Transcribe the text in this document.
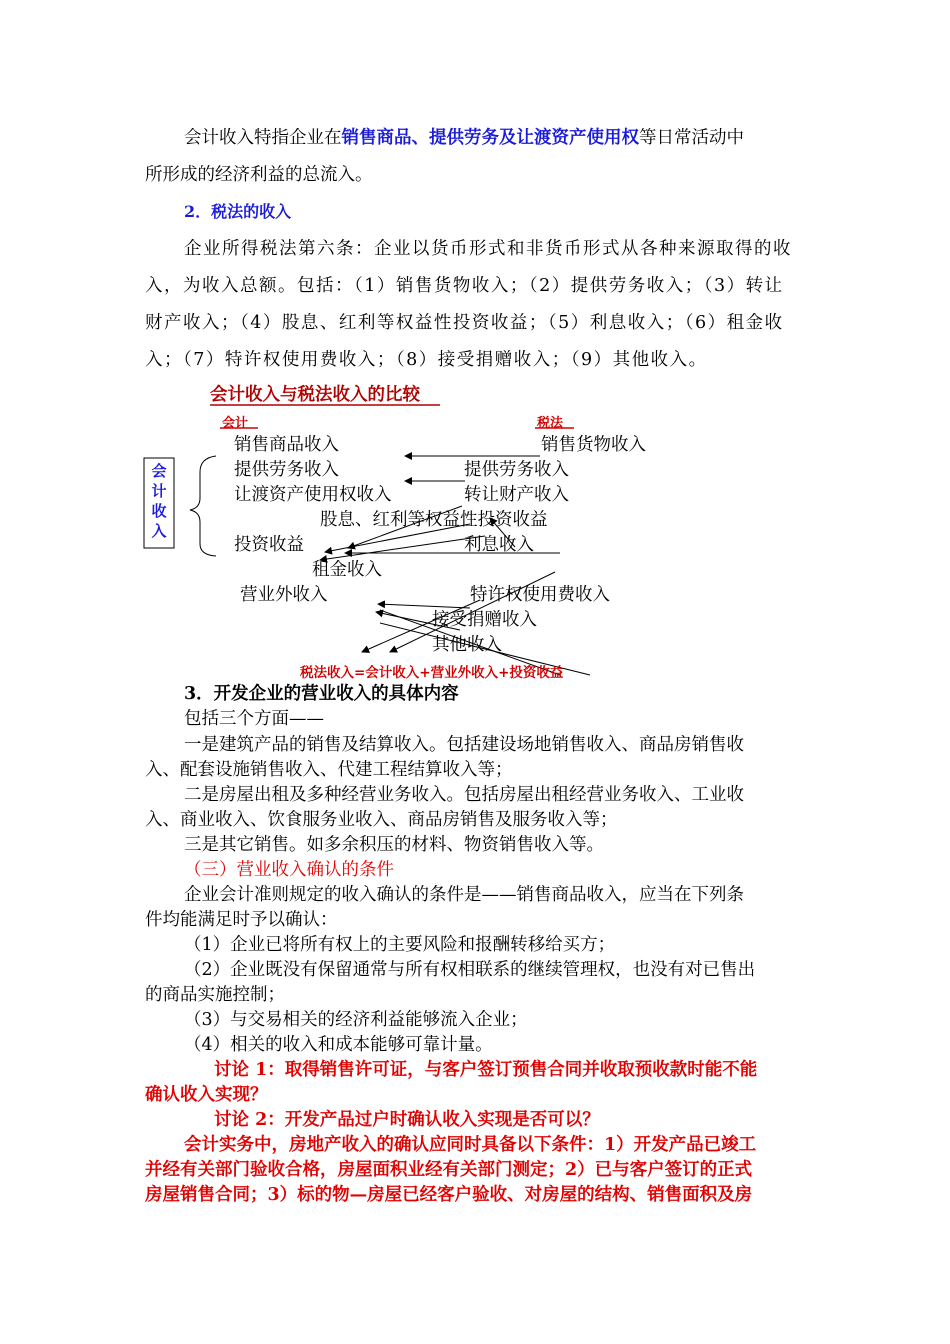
会计收入特指企业在销售商品、提供劳务及让渡资产使用权等日常活动中
所形成的经济利益的总流入。
2．税法的收入
企业所得税法第六条：企业以货币形式和非货币形式从各种来源取得的收
入，为收入总额。包括：（1）销售货物收入；（2）提供劳务收入；（3）转让
财产收入；（4）股息、红利等权益性投资收益；（5）利息收入；（6）租金收
入；（7）特许权使用费收入；（8）接受捐赠收入；（9）其他收入。
会计收入与税法收入的比较
会计	税法
会
计
收
入
销售商品收入	销售货物收入
提供劳务收入	提供劳务收入
让渡资产使用权收入	转让财产收入
股息、红利等权益性投资收益
投资收益	利息收入
租金收入
营业外收入	特许权使用费收入
接受捐赠收入
其他收入
税法收入=会计收入+营业外收入+投资收益
3．开发企业的营业收入的具体内容
包括三个方面——
一是建筑产品的销售及结算收入。包括建设场地销售收入、商品房销售收
入、配套设施销售收入、代建工程结算收入等；
二是房屋出租及多种经营业务收入。包括房屋出租经营业务收入、工业收
入、商业收入、饮食服务业收入、商品房销售及服务收入等；
三是其它销售。如多余积压的材料、物资销售收入等。
（三）营业收入确认的条件
企业会计准则规定的收入确认的条件是——销售商品收入，应当在下列条
件均能满足时予以确认：
（1）企业已将所有权上的主要风险和报酬转移给买方；
（2）企业既没有保留通常与所有权相联系的继续管理权，也没有对已售出
的商品实施控制；
（3）与交易相关的经济利益能够流入企业；
（4）相关的收入和成本能够可靠计量。
讨论 1：取得销售许可证，与客户签订预售合同并收取预收款时能不能
确认收入实现？
讨论 2：开发产品过户时确认收入实现是否可以？
会计实务中，房地产收入的确认应同时具备以下条件：1）开发产品已竣工
并经有关部门验收合格，房屋面积业经有关部门测定；2）已与客户签订的正式
房屋销售合同；3）标的物—房屋已经客户验收、对房屋的结构、销售面积及房
